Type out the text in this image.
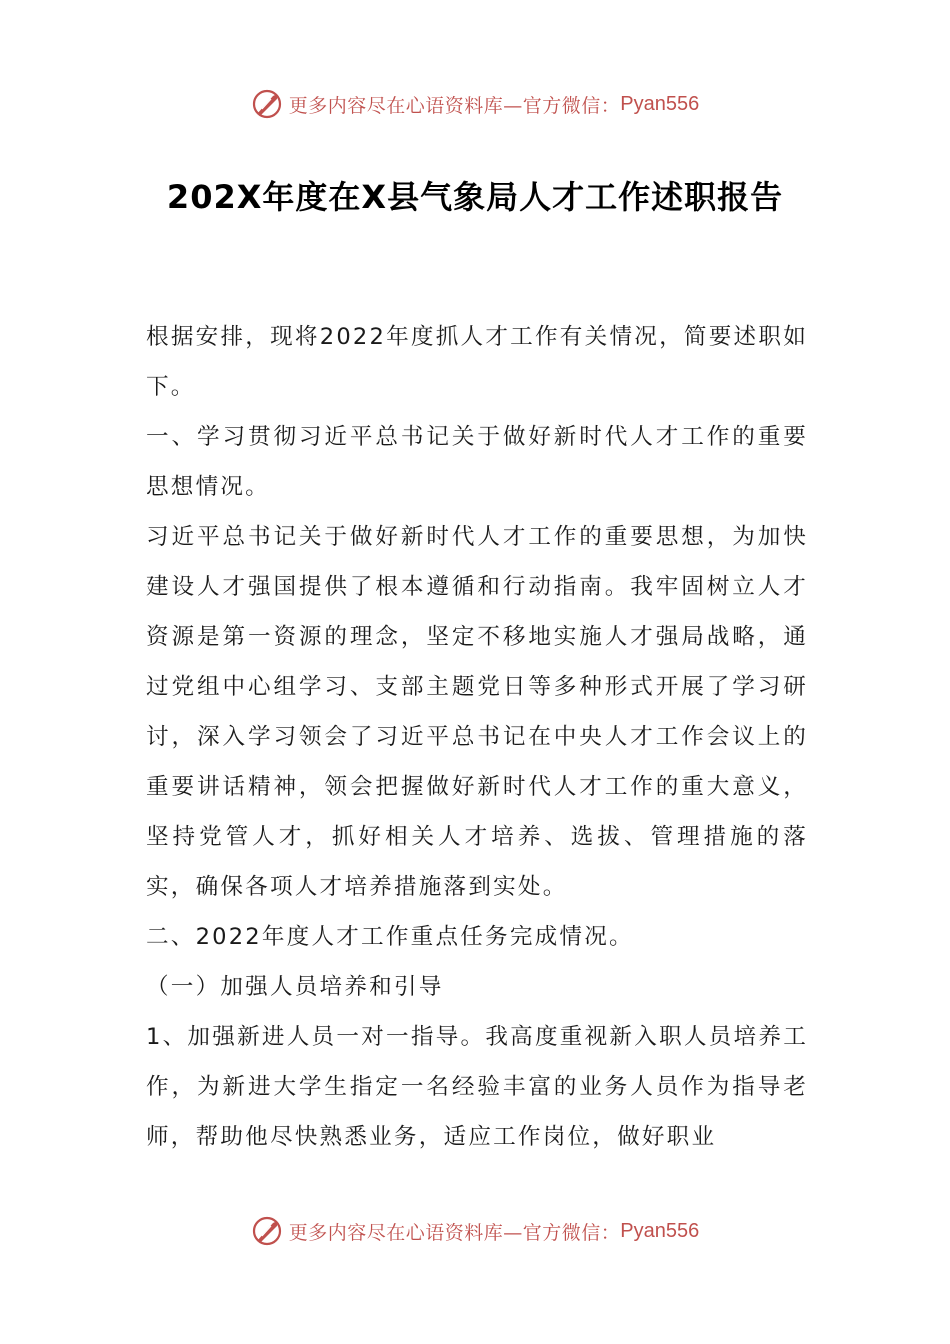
更多内容尽在心语资料库—官方微信： Pyan556
202X年度在X县气象局人才工作述职报告

根据安排，现将2022年度抓人才工作有关情况，简要述职如下。

一、学习贯彻习近平总书记关于做好新时代人才工作的重要思想情况。

习近平总书记关于做好新时代人才工作的重要思想，为加快建设人才强国提供了根本遵循和行动指南。我牢固树立人才资源是第一资源的理念，坚定不移地实施人才强局战略，通过党组中心组学习、支部主题党日等多种形式开展了学习研讨，深入学习领会了习近平总书记在中央人才工作会议上的重要讲话精神，领会把握做好新时代人才工作的重大意义，坚持党管人才，抓好相关人才培养、选拔、管理措施的落实，确保各项人才培养措施落到实处。

二、2022年度人才工作重点任务完成情况。

（一）加强人员培养和引导

1、加强新进人员一对一指导。我高度重视新入职人员培养工作，为新进大学生指定一名经验丰富的业务人员作为指导老师，帮助他尽快熟悉业务，适应工作岗位，做好职业

更多内容尽在心语资料库—官方微信： Pyan556
